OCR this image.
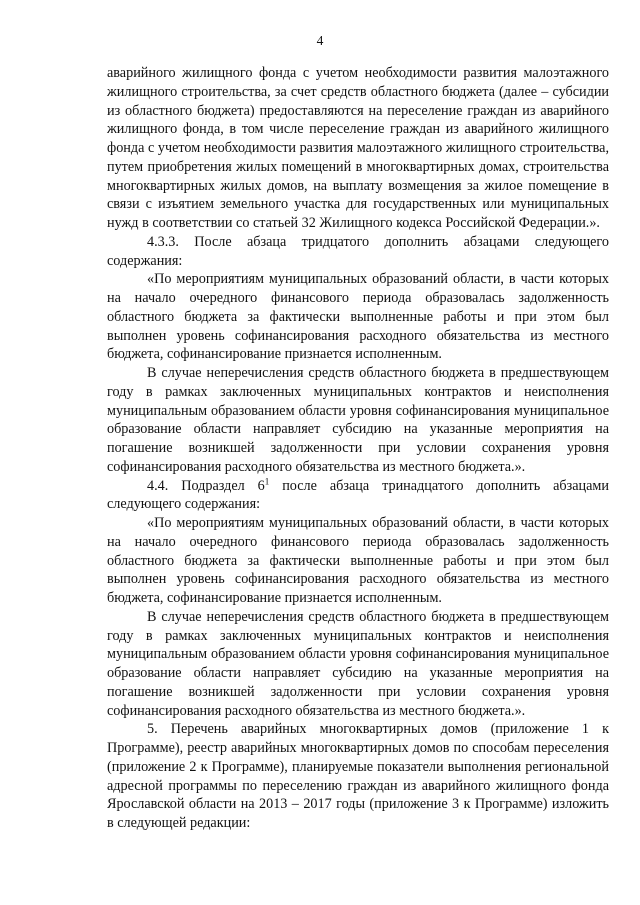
4

аварийного жилищного фонда с учетом необходимости развития малоэтажного жилищного строительства, за счет средств областного бюджета (далее – субсидии из областного бюджета) предоставляются на переселение граждан из аварийного жилищного фонда, в том числе переселение граждан из аварийного жилищного фонда с учетом необходимости развития малоэтажного жилищного строительства, путем приобретения жилых помещений в многоквартирных домах, строительства многоквартирных жилых домов, на выплату возмещения за жилое помещение в связи с изъятием земельного участка для государственных или муниципальных нужд в соответствии со статьей 32 Жилищного кодекса Российской Федерации.».

4.3.3. После абзаца тридцатого дополнить абзацами следующего содержания:

«По мероприятиям муниципальных образований области, в части которых на начало очередного финансового периода образовалась задолженность областного бюджета за фактически выполненные работы и при этом был выполнен уровень софинансирования расходного обязательства из местного бюджета, софинансирование признается исполненным.

В случае неперечисления средств областного бюджета в предшествующем году в рамках заключенных муниципальных контрактов и неисполнения муниципальным образованием области уровня софинансирования муниципальное образование области направляет субсидию на указанные мероприятия на погашение возникшей задолженности при условии сохранения уровня софинансирования расходного обязательства из местного бюджета.».

4.4. Подраздел $6^1$ после абзаца тринадцатого дополнить абзацами следующего содержания:

«По мероприятиям муниципальных образований области, в части которых на начало очередного финансового периода образовалась задолженность областного бюджета за фактически выполненные работы и при этом был выполнен уровень софинансирования расходного обязательства из местного бюджета, софинансирование признается исполненным.

В случае неперечисления средств областного бюджета в предшествующем году в рамках заключенных муниципальных контрактов и неисполнения муниципальным образованием области уровня софинансирования муниципальное образование области направляет субсидию на указанные мероприятия на погашение возникшей задолженности при условии сохранения уровня софинансирования расходного обязательства из местного бюджета.».

5. Перечень аварийных многоквартирных домов (приложение 1 к Программе), реестр аварийных многоквартирных домов по способам переселения (приложение 2 к Программе), планируемые показатели выполнения региональной адресной программы по переселению граждан из аварийного жилищного фонда Ярославской области на 2013 – 2017 годы (приложение 3 к Программе) изложить в следующей редакции:
